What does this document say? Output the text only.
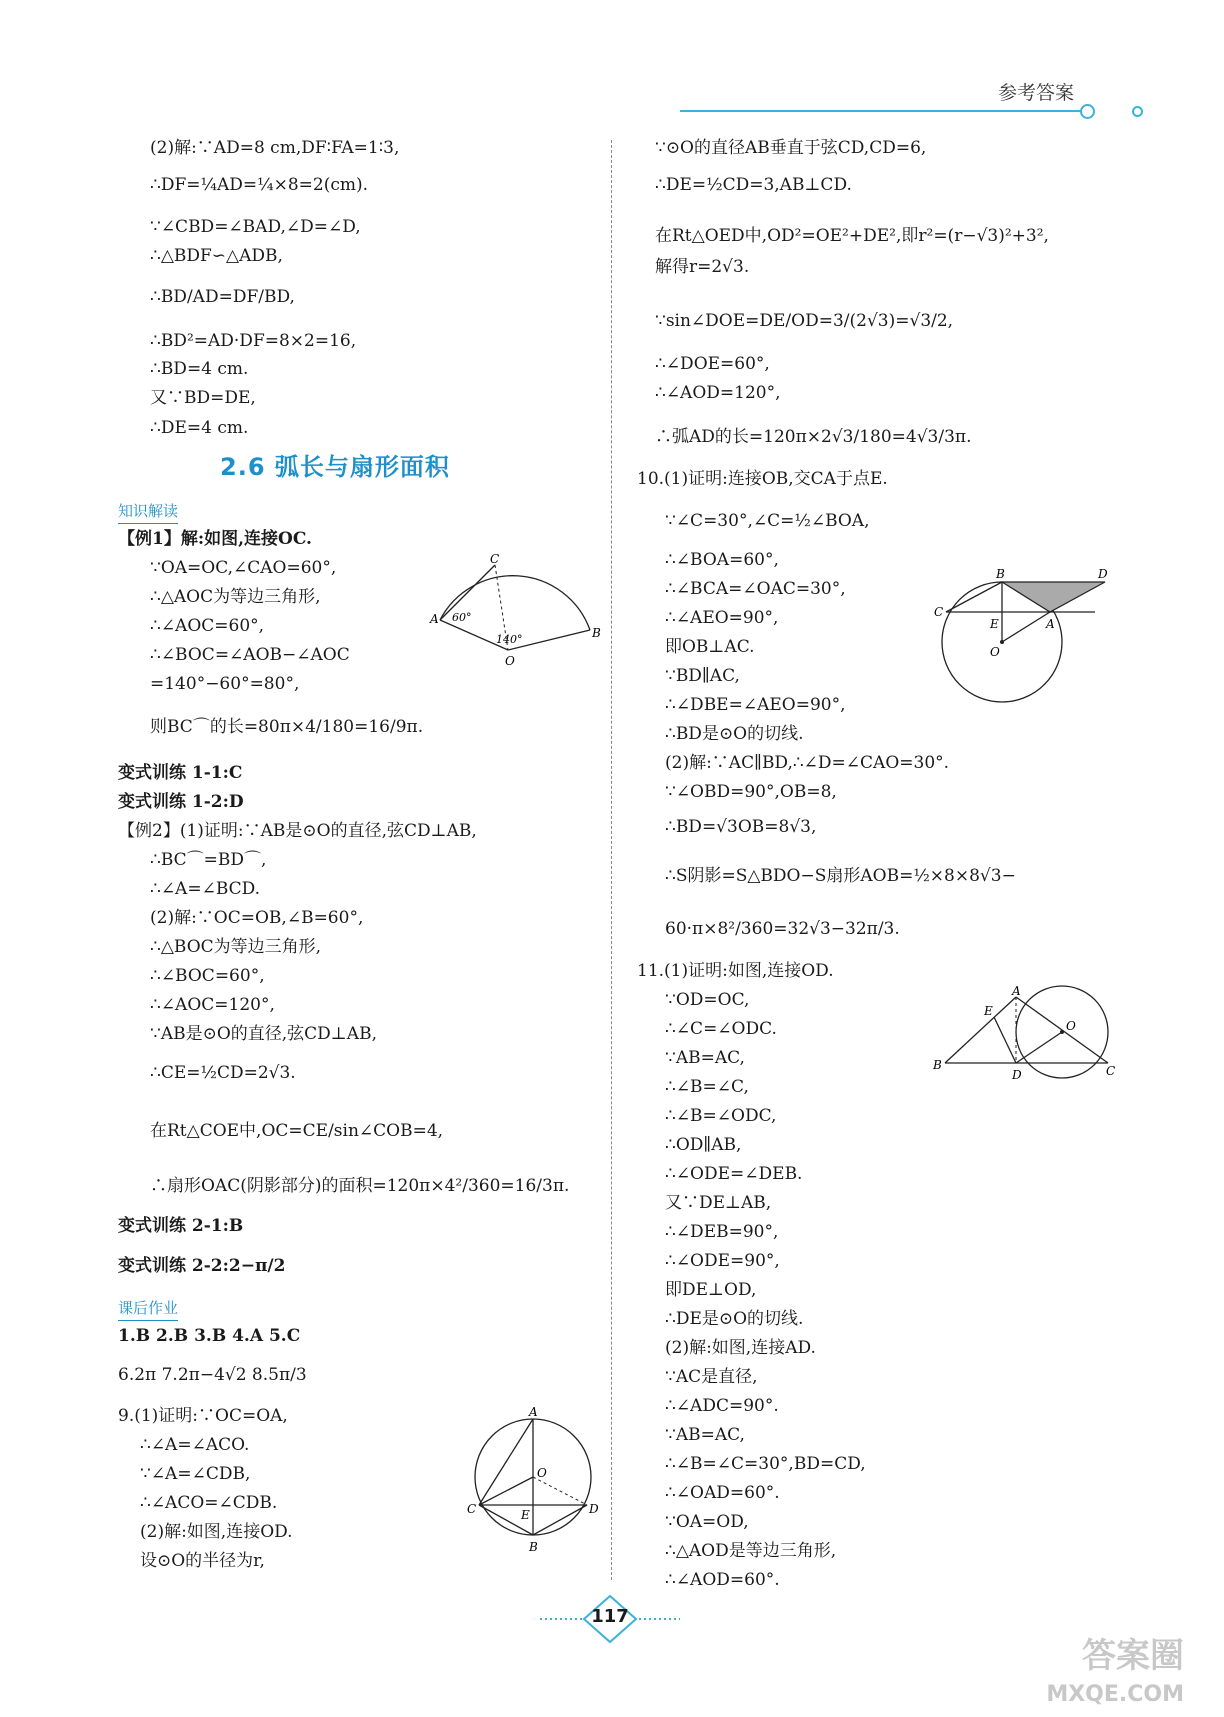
参考答案
(2)解:∵AD=8 cm,DF∶FA=1∶3,
∴DF=¼AD=¼×8=2(cm).
∵∠CBD=∠BAD,∠D=∠D,
∴△BDF∽△ADB,
∴BD/AD=DF/BD,
∴BD²=AD·DF=8×2=16,
∴BD=4 cm.
又∵BD=DE,
∴DE=4 cm.
2.6 弧长与扇形面积
知识解读
【例1】解:如图,连接OC.
∵OA=OC,∠CAO=60°,
∴△AOC为等边三角形,
∴∠AOC=60°,
∴∠BOC=∠AOB−∠AOC
=140°−60°=80°,
则BC⌒的长=80π×4/180=16/9π.
C
A
B
O
60°
140°
变式训练 1-1:C
变式训练 1-2:D
【例2】(1)证明:∵AB是⊙O的直径,弦CD⊥AB,
∴BC⌒=BD⌒,
∴∠A=∠BCD.
(2)解:∵OC=OB,∠B=60°,
∴△BOC为等边三角形,
∴∠BOC=60°,
∴∠AOC=120°,
∵AB是⊙O的直径,弦CD⊥AB,
∴CE=½CD=2√3.
在Rt△COE中,OC=CE/sin∠COB=4,
∴扇形OAC(阴影部分)的面积=120π×4²/360=16/3π.
变式训练 2-1:B
变式训练 2-2:2−π/2
课后作业
1.B 2.B 3.B 4.A 5.C
6.2π 7.2π−4√2 8.5π/3
9.(1)证明:∵OC=OA,
∴∠A=∠ACO.
∵∠A=∠CDB,
∴∠ACO=∠CDB.
(2)解:如图,连接OD.
设⊙O的半径为r,
A
O
C	E	D
B
∵⊙O的直径AB垂直于弦CD,CD=6,
∴DE=½CD=3,AB⊥CD.
在Rt△OED中,OD²=OE²+DE²,即r²=(r−√3)²+3²,
解得r=2√3.
∵sin∠DOE=DE/OD=3/(2√3)=√3/2,
∴∠DOE=60°,
∴∠AOD=120°,
∴弧AD的长=120π×2√3/180=4√3/3π.
10.(1)证明:连接OB,交CA于点E.
∵∠C=30°,∠C=½∠BOA,
∴∠BOA=60°,
∴∠BCA=∠OAC=30°,
∴∠AEO=90°,
即OB⊥AC.
∵BD∥AC,
∴∠DBE=∠AEO=90°,
∴BD是⊙O的切线.
(2)解:∵AC∥BD,∴∠D=∠CAO=30°.
∵∠OBD=90°,OB=8,
∴BD=√3OB=8√3,
∴S阴影=S△BDO−S扇形AOB=½×8×8√3−
60·π×8²/360=32√3−32π/3.
B	D
C
E	A
O
11.(1)证明:如图,连接OD.
∵OD=OC,
∴∠C=∠ODC.
∵AB=AC,
∴∠B=∠C,
∴∠B=∠ODC,
∴OD∥AB,
∴∠ODE=∠DEB.
又∵DE⊥AB,
∴∠DEB=90°,
∴∠ODE=90°,
即DE⊥OD,
∴DE是⊙O的切线.
(2)解:如图,连接AD.
∵AC是直径,
∴∠ADC=90°.
∵AB=AC,
∴∠B=∠C=30°,BD=CD,
∴∠OAD=60°.
∵OA=OD,
∴△AOD是等边三角形,
∴∠AOD=60°.
A
E
O
B
D	C
117
答案圈
MXQE.COM
